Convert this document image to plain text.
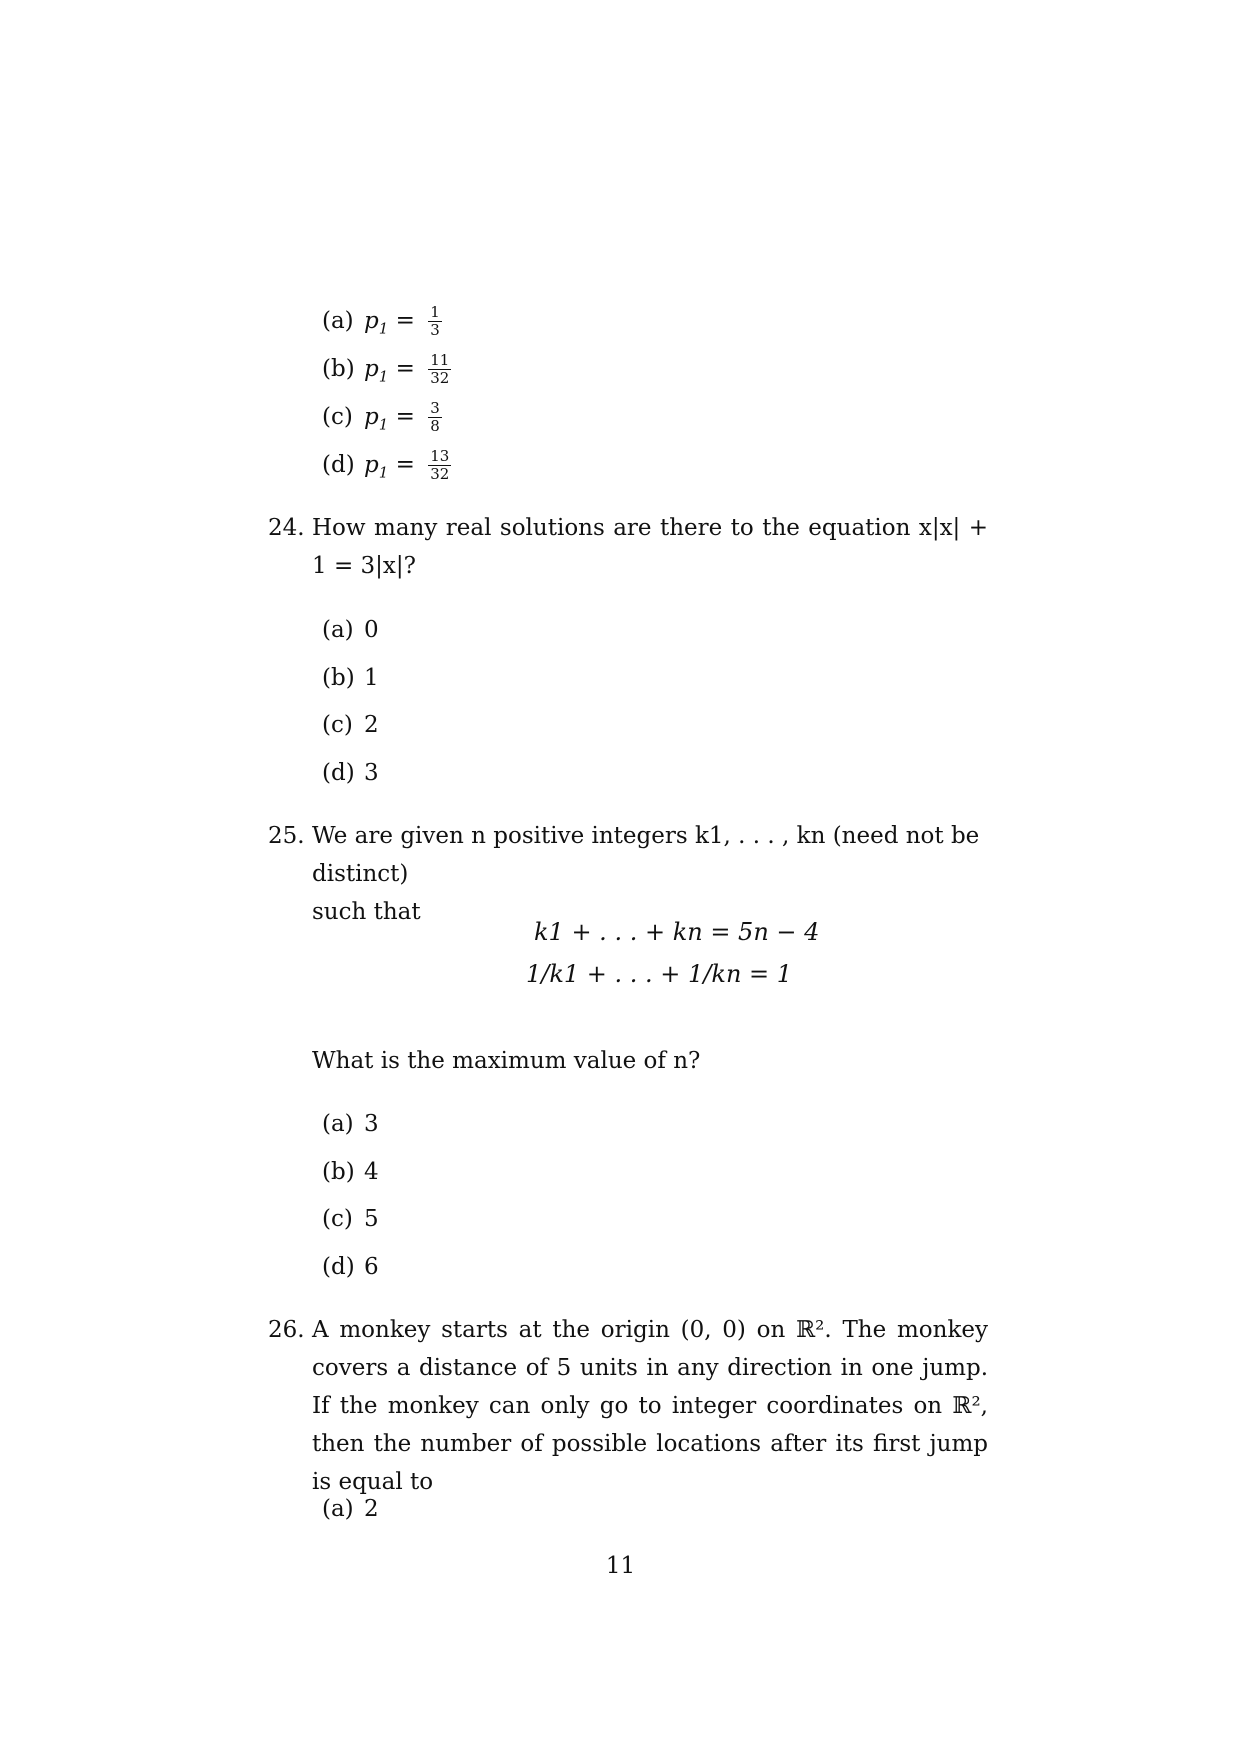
(a) $p_1 = \frac{1}{3}$
(b) $p_1 = \frac{11}{32}$
(c) $p_1 = \frac{3}{8}$
(d) $p_1 = \frac{13}{32}$
24. How many real solutions are there to the equation x|x| + 1 = 3|x|?
(a) 0
(b) 1
(c) 2
(d) 3
25. We are given n positive integers k1, . . . , kn (need not be distinct)
such that
k1 + . . . + kn = 5n − 4
1/k1 + . . . + 1/kn = 1
What is the maximum value of n?
(a) 3
(b) 4
(c) 5
(d) 6
26. A monkey starts at the origin (0, 0) on ℝ². The monkey covers a distance of 5 units in any direction in one jump. If the monkey can only go to integer coordinates on ℝ², then the number of possible locations after its first jump is equal to
(a) 2
11
